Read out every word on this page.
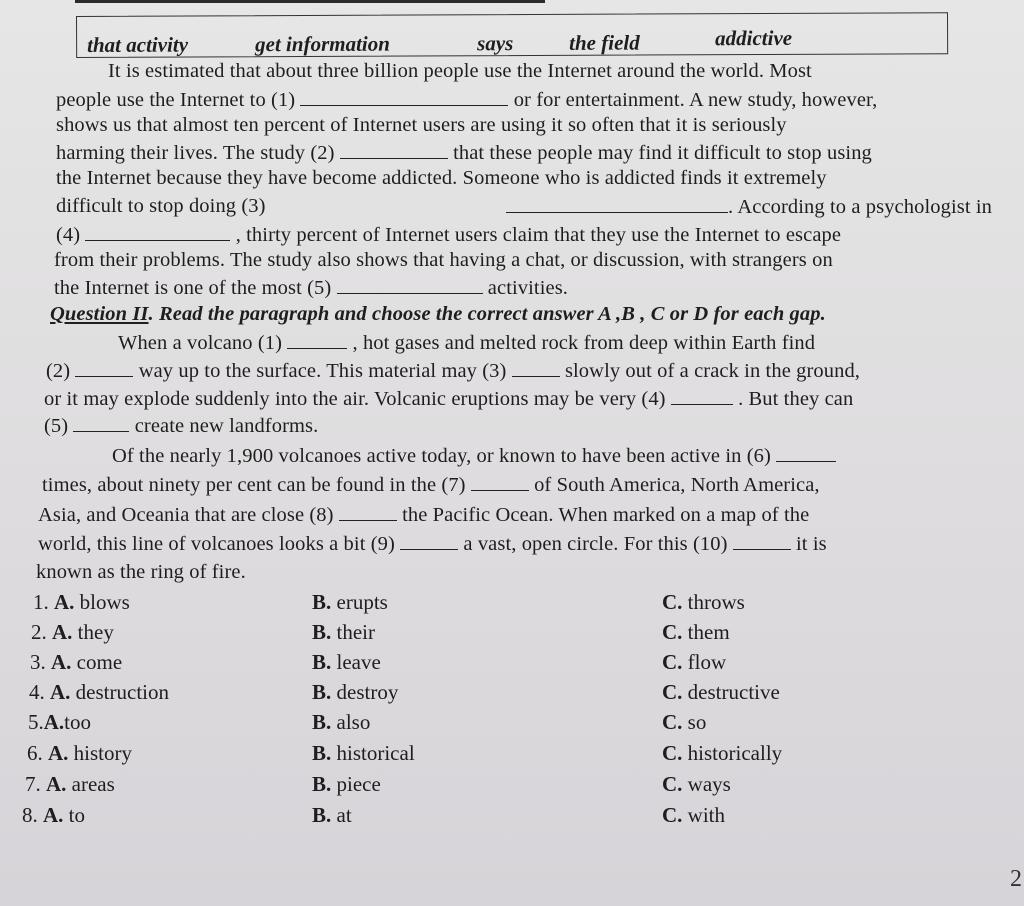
that activity	get information	says	the field	addictive
It is estimated that about three billion people use the Internet around the world. Most
people use the Internet to (1)	or for entertainment. A new study, however,
shows us that almost ten percent of Internet users are using it so often that it is seriously
harming their lives. The study (2)	that these people may find it difficult to stop using
the Internet because they have become addicted. Someone who is addicted finds it extremely
difficult to stop doing (3)	. According to a psychologist in
(4)	, thirty percent of Internet users claim that they use the Internet to escape
from their problems. The study also shows that having a chat, or discussion, with strangers on
the Internet is one of the most (5)	activities.
Question II. Read the paragraph and choose the correct answer A ,B , C or D for each gap.
When a volcano (1)	, hot gases and melted rock from deep within Earth find
(2)	way up to the surface. This material may (3)	slowly out of a crack in the ground,
or it may explode suddenly into the air. Volcanic eruptions may be very (4)	. But they can
(5)	create new landforms.
Of the nearly 1,900 volcanoes active today, or known to have been active in (6)
times, about ninety per cent can be found in the (7)	of South America, North America,
Asia, and Oceania that are close (8)	the Pacific Ocean. When marked on a map of the
world, this line of volcanoes looks a bit (9)	a vast, open circle. For this (10)	it is
known as the ring of fire.
1. A. blows	B. erupts	C. throws
2. A. they	B. their	C. them
3. A. come	B. leave	C. flow
4. A. destruction	B. destroy	C. destructive
5.A.too	B. also	C. so
6. A. history	B. historical	C. historically
7. A. areas	B. piece	C. ways
8. A. to	B. at	C. with
2
